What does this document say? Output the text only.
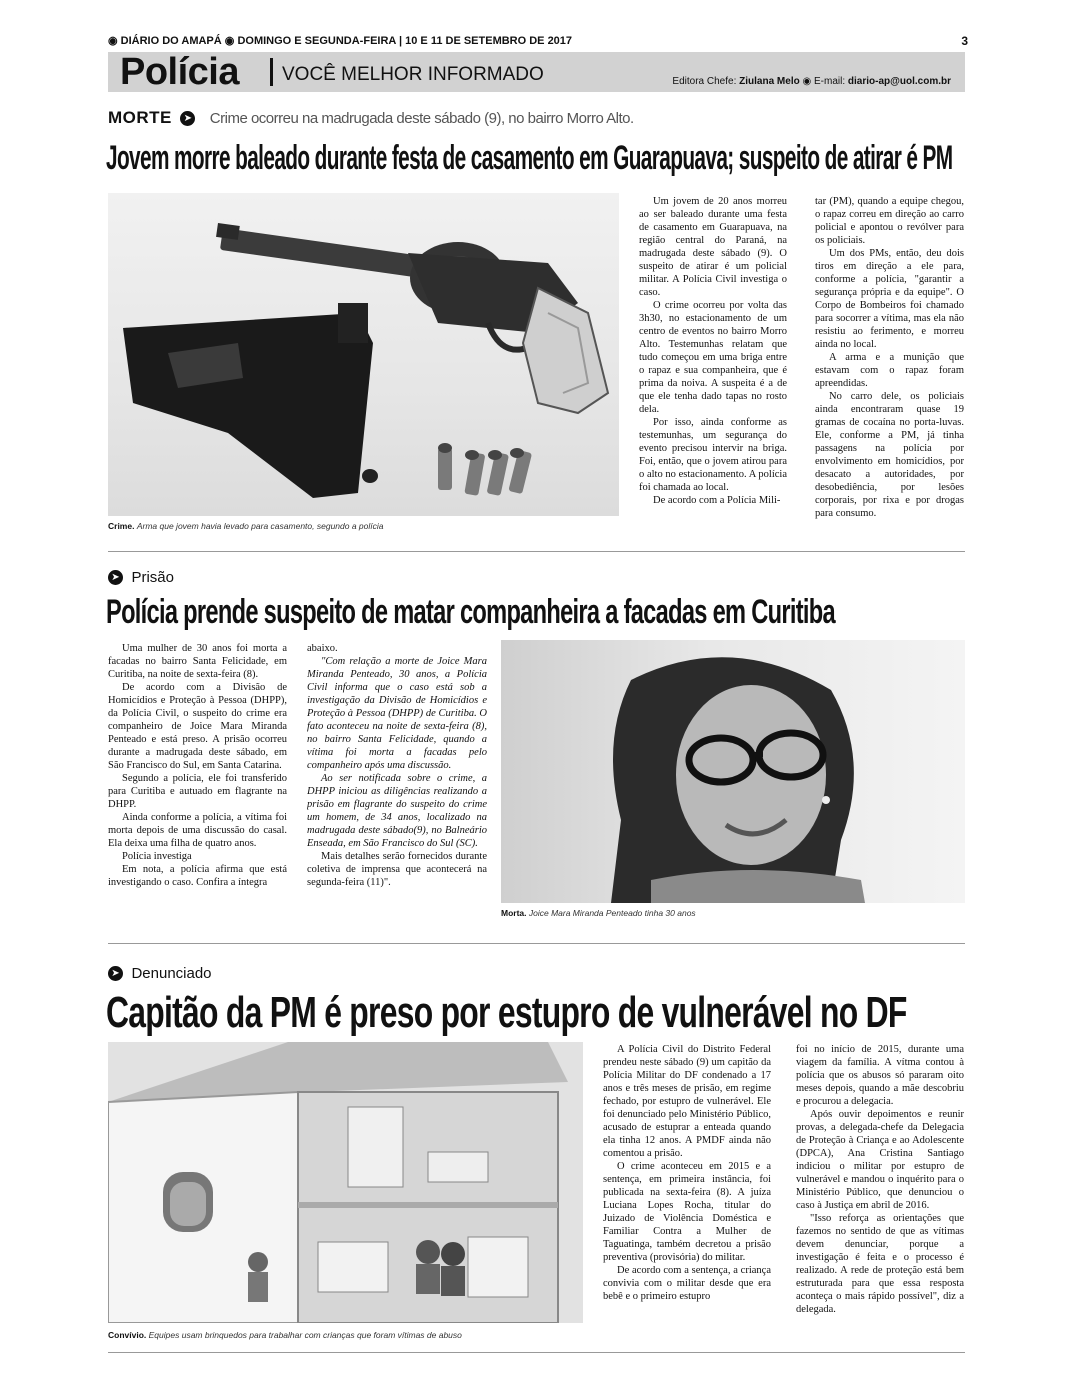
◉ DIÁRIO DO AMAPÁ ◉ DOMINGO E SEGUNDA-FEIRA | 10 E 11 DE SETEMBRO DE 2017	3
Polícia VOCÊ MELHOR INFORMADO	Editora Chefe: Ziulana Melo ◉ E-mail: diario-ap@uol.com.br
MORTE ➤ Crime ocorreu na madrugada deste sábado (9), no bairro Morro Alto.
Jovem morre baleado durante festa de casamento em Guarapuava; suspeito de atirar é PM
Crime. Arma que jovem havia levado para casamento, segundo a polícia

Um jovem de 20 anos morreu ao ser baleado durante uma festa de casamento em Guarapuava, na região central do Paraná, na madrugada deste sábado (9). O suspeito de atirar é um policial militar. A Polícia Civil investiga o caso.

O crime ocorreu por volta das 3h30, no estacionamento de um centro de eventos no bairro Morro Alto. Testemunhas relatam que tudo começou em uma briga entre o rapaz e sua companheira, que é prima da noiva. A suspeita é a de que ele tenha dado tapas no rosto dela.

Por isso, ainda conforme as testemunhas, um segurança do evento precisou intervir na briga. Foi, então, que o jovem atirou para o alto no estacionamento. A polícia foi chamada ao local.

De acordo com a Polícia Mili-

tar (PM), quando a equipe chegou, o rapaz correu em direção ao carro policial e apontou o revólver para os policiais.

Um dos PMs, então, deu dois tiros em direção a ele para, conforme a polícia, "garantir a segurança própria e da equipe". O Corpo de Bombeiros foi chamado para socorrer a vítima, mas ela não resistiu ao ferimento, e morreu ainda no local.

A arma e a munição que estavam com o rapaz foram apreendidas.

No carro dele, os policiais ainda encontraram quase 19 gramas de cocaína no porta-luvas. Ele, conforme a PM, já tinha passagens na polícia por envolvimento em homicídios, por desacato a autoridades, por desobediência, por lesões corporais, por rixa e por drogas para consumo.

➤ Prisão
Polícia prende suspeito de matar companheira a facadas em Curitiba

Uma mulher de 30 anos foi morta a facadas no bairro Santa Felicidade, em Curitiba, na noite de sexta-feira (8).

De acordo com a Divisão de Homicídios e Proteção à Pessoa (DHPP), da Polícia Civil, o suspeito do crime era companheiro de Joice Mara Miranda Penteado e está preso. A prisão ocorreu durante a madrugada deste sábado, em São Francisco do Sul, em Santa Catarina.

Segundo a polícia, ele foi transferido para Curitiba e autuado em flagrante na DHPP.

Ainda conforme a polícia, a vítima foi morta depois de uma discussão do casal. Ela deixa uma filha de quatro anos.

Polícia investiga

Em nota, a polícia afirma que está investigando o caso. Confira a íntegra

abaixo.

"Com relação a morte de Joice Mara Miranda Penteado, 30 anos, a Polícia Civil informa que o caso está sob a investigação da Divisão de Homicídios e Proteção à Pessoa (DHPP) de Curitiba. O fato aconteceu na noite de sexta-feira (8), no bairro Santa Felicidade, quando a vítima foi morta a facadas pelo companheiro após uma discussão.

Ao ser notificada sobre o crime, a DHPP iniciou as diligências realizando a prisão em flagrante do suspeito do crime um homem, de 34 anos, localizado na madrugada deste sábado(9), no Balneário Enseada, em São Francisco do Sul (SC).

Mais detalhes serão fornecidos durante coletiva de imprensa que acontecerá na segunda-feira (11)".

Morta. Joice Mara Miranda Penteado tinha 30 anos
➤ Denunciado
Capitão da PM é preso por estupro de vulnerável no DF
Convívio. Equipes usam brinquedos para trabalhar com crianças que foram vítimas de abuso

A Polícia Civil do Distrito Federal prendeu neste sábado (9) um capitão da Polícia Militar do DF condenado a 17 anos e três meses de prisão, em regime fechado, por estupro de vulnerável. Ele foi denunciado pelo Ministério Público, acusado de estuprar a enteada quando ela tinha 12 anos. A PMDF ainda não comentou a prisão.

O crime aconteceu em 2015 e a sentença, em primeira instância, foi publicada na sexta-feira (8). A juíza Luciana Lopes Rocha, titular do Juizado de Violência Doméstica e Familiar Contra a Mulher de Taguatinga, também decretou a prisão preventiva (provisória) do militar.

De acordo com a sentença, a criança convivia com o militar desde que era bebê e o primeiro estupro

foi no início de 2015, durante uma viagem da família. A vítma contou à polícia que os abusos só pararam oito meses depois, quando a mãe descobriu e procurou a delegacia.

Após ouvir depoimentos e reunir provas, a delegada-chefe da Delegacia de Proteção à Criança e ao Adolescente (DPCA), Ana Cristina Santiago indiciou o militar por estupro de vulnerável e mandou o inquérito para o Ministério Público, que denunciou o caso à Justiça em abril de 2016.

"Isso reforça as orientações que fazemos no sentido de que as vítimas devem denunciar, porque a investigação é feita e o processo é realizado. A rede de proteção está bem estruturada para que essa resposta aconteça o mais rápido possível", diz a delegada.
